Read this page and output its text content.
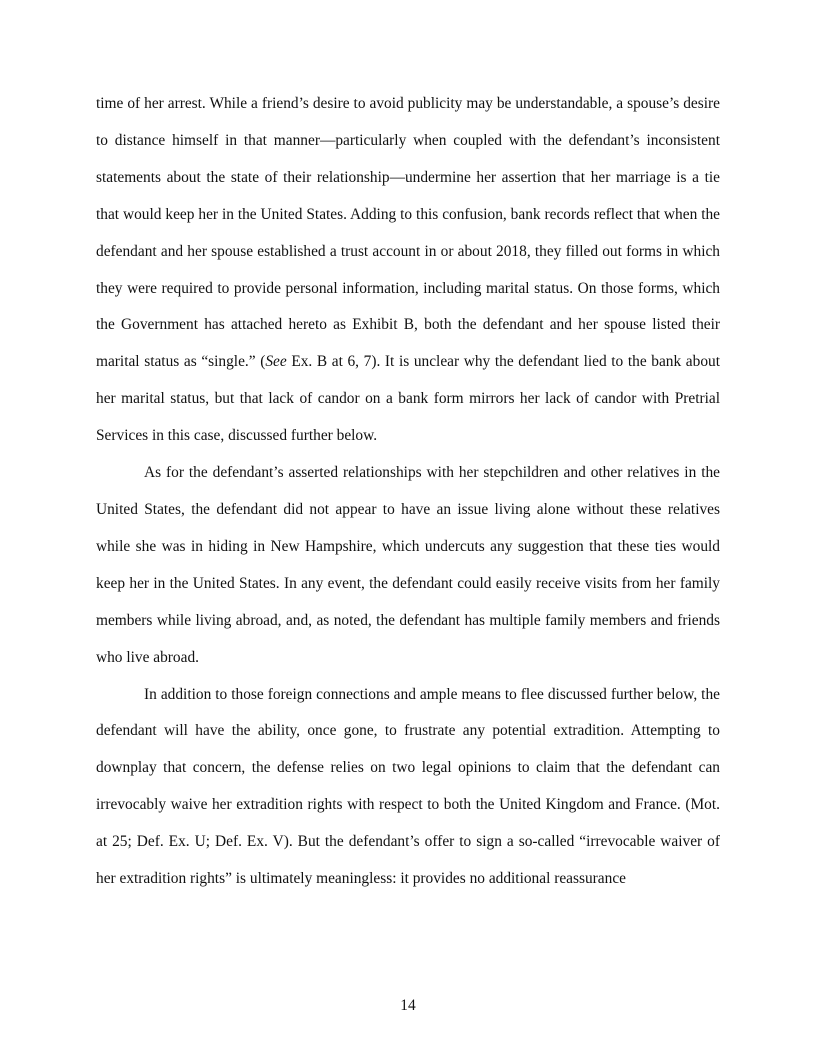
time of her arrest. While a friend’s desire to avoid publicity may be understandable, a spouse’s desire to distance himself in that manner—particularly when coupled with the defendant’s inconsistent statements about the state of their relationship—undermine her assertion that her marriage is a tie that would keep her in the United States. Adding to this confusion, bank records reflect that when the defendant and her spouse established a trust account in or about 2018, they filled out forms in which they were required to provide personal information, including marital status. On those forms, which the Government has attached hereto as Exhibit B, both the defendant and her spouse listed their marital status as “single.” (See Ex. B at 6, 7). It is unclear why the defendant lied to the bank about her marital status, but that lack of candor on a bank form mirrors her lack of candor with Pretrial Services in this case, discussed further below.

As for the defendant’s asserted relationships with her stepchildren and other relatives in the United States, the defendant did not appear to have an issue living alone without these relatives while she was in hiding in New Hampshire, which undercuts any suggestion that these ties would keep her in the United States. In any event, the defendant could easily receive visits from her family members while living abroad, and, as noted, the defendant has multiple family members and friends who live abroad.

In addition to those foreign connections and ample means to flee discussed further below, the defendant will have the ability, once gone, to frustrate any potential extradition. Attempting to downplay that concern, the defense relies on two legal opinions to claim that the defendant can irrevocably waive her extradition rights with respect to both the United Kingdom and France. (Mot. at 25; Def. Ex. U; Def. Ex. V). But the defendant’s offer to sign a so-called “irrevocable waiver of her extradition rights” is ultimately meaningless: it provides no additional reassurance

14
